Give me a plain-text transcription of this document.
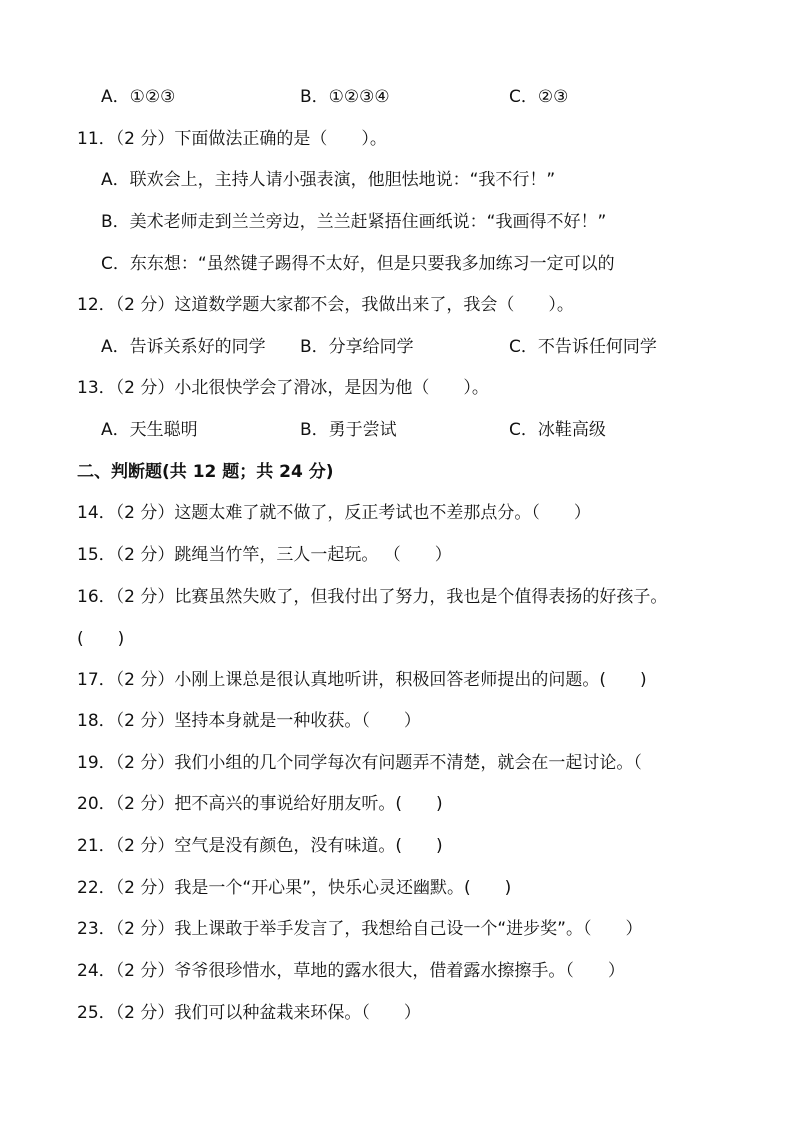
A．①②③	B．①②③④	C．②③
11．（2 分）下面做法正确的是（　　）。
A．联欢会上，主持人请小强表演，他胆怯地说：“我不行！”
B．美术老师走到兰兰旁边，兰兰赶紧捂住画纸说：“我画得不好！”
C．东东想：“虽然键子踢得不太好，但是只要我多加练习一定可以的
12．（2 分）这道数学题大家都不会，我做出来了，我会（　　）。
A．告诉关系好的同学 B．分享给同学	C．不告诉任何同学
13．（2 分）小北很快学会了滑冰，是因为他（　　）。
A．天生聪明	B．勇于尝试	C．冰鞋高级
二、判断题(共 12 题；共 24 分)
14．（2 分）这题太难了就不做了，反正考试也不差那点分。（　　）
15．（2 分）跳绳当竹竿，三人一起玩。 （　　）
16．（2 分）比赛虽然失败了，但我付出了努力，我也是个值得表扬的好孩子。
(　　)
17．（2 分）小刚上课总是很认真地听讲，积极回答老师提出的问题。(　　)
18．（2 分）坚持本身就是一种收获。（　　）
19．（2 分）我们小组的几个同学每次有问题弄不清楚，就会在一起讨论。（
20．（2 分）把不高兴的事说给好朋友听。(　　)
21．（2 分）空气是没有颜色，没有味道。(　　)
22．（2 分）我是一个“开心果”，快乐心灵还幽默。(　　)
23．（2 分）我上课敢于举手发言了，我想给自己设一个“进步奖”。（　　）
24．（2 分）爷爷很珍惜水，草地的露水很大，借着露水擦擦手。（　　）
25．（2 分）我们可以种盆栽来环保。（　　）
